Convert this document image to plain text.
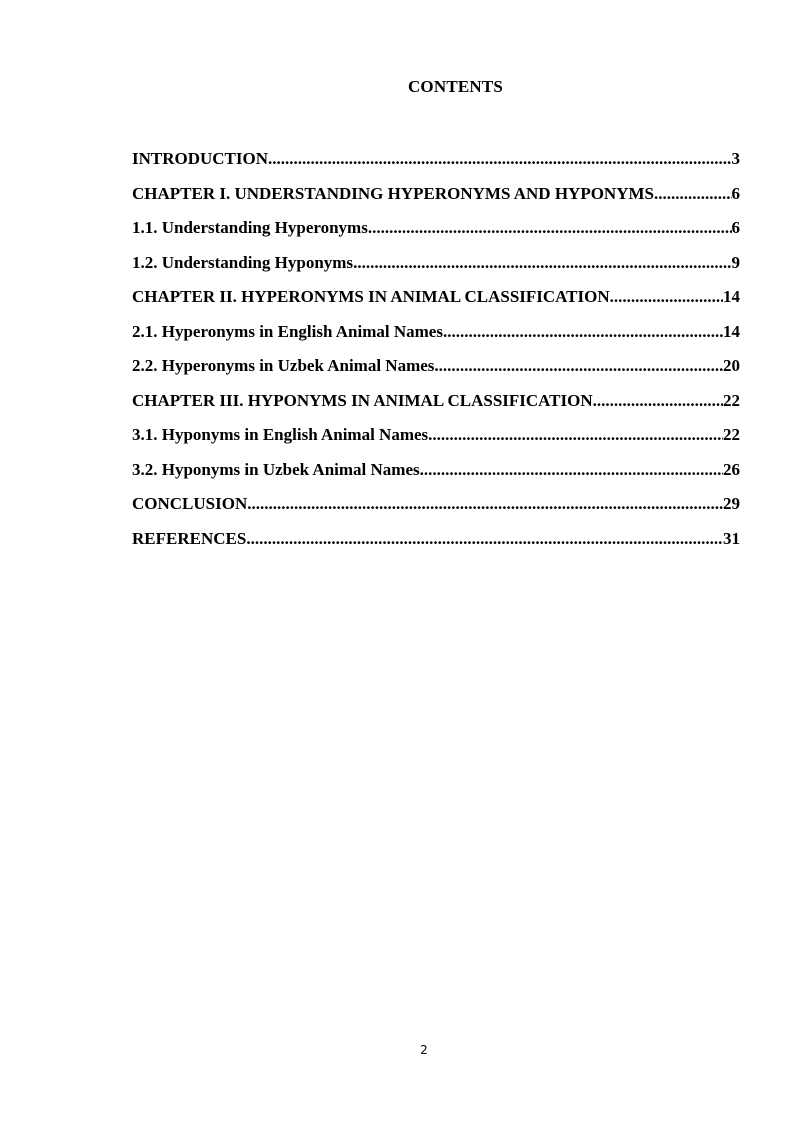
CONTENTS
INTRODUCTION .....	3
CHAPTER I. UNDERSTANDING HYPERONYMS AND HYPONYMS .....	6
1.1. Understanding Hyperonyms .....	6
1.2. Understanding Hyponyms .....	9
CHAPTER II. HYPERONYMS IN ANIMAL CLASSIFICATION .....	14
2.1. Hyperonyms in English Animal Names .....	14
2.2. Hyperonyms in Uzbek Animal Names .....	20
CHAPTER III. HYPONYMS IN ANIMAL CLASSIFICATION .....	22
3.1. Hyponyms in English Animal Names .....	22
3.2. Hyponyms in Uzbek Animal Names .....	26
CONCLUSION .....	29
REFERENCES .....	31
2
